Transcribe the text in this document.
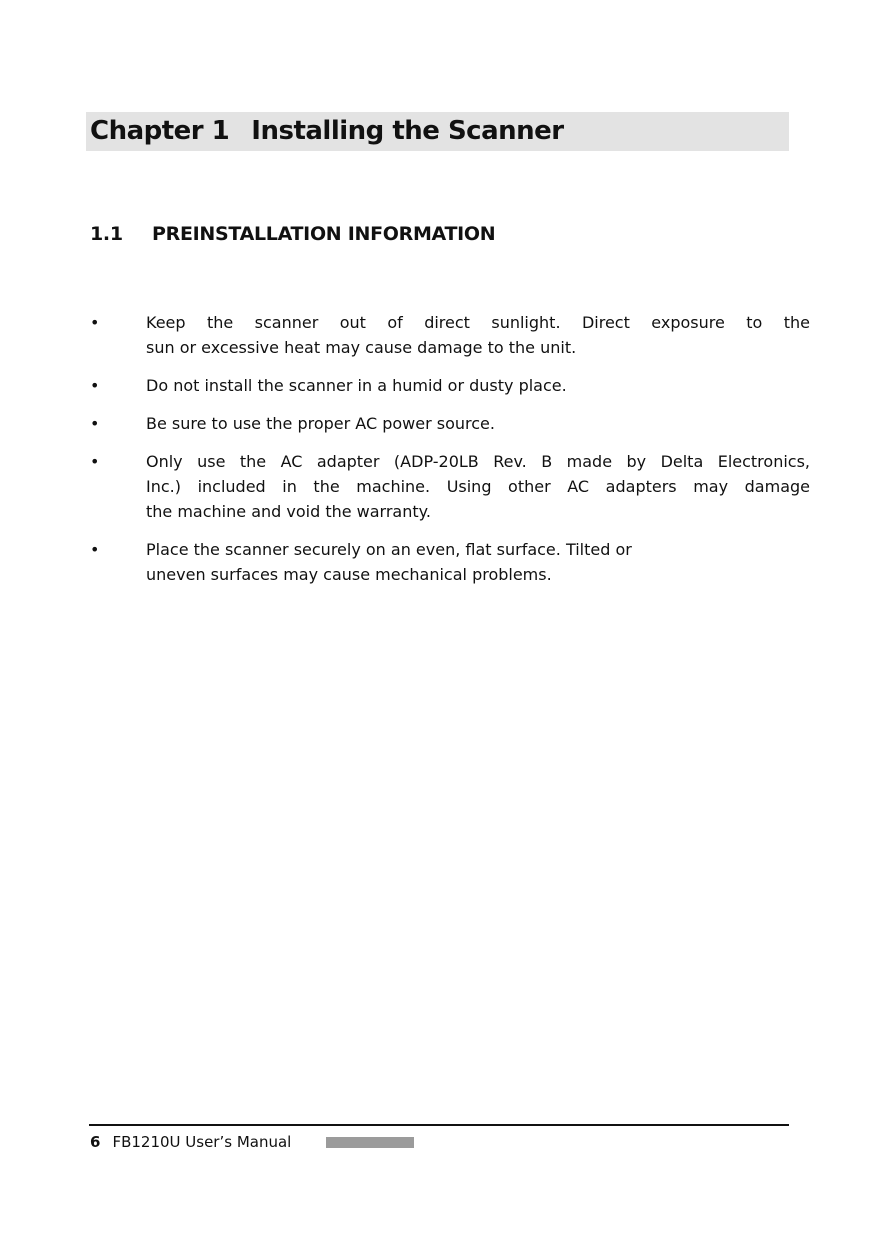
Chapter 1 Installing the Scanner
1.1 PREINSTALLATION INFORMATION
•	Keep the scanner out of direct sunlight. Direct exposure to the
sun or excessive heat may cause damage to the unit.
•	Do not install the scanner in a humid or dusty place.
•	Be sure to use the proper AC power source.
•	Only use the AC adapter (ADP-20LB Rev. B made by Delta Electronics,
Inc.) included in the machine. Using other AC adapters may damage
the machine and void the warranty.
•	Place the scanner securely on an even, flat surface. Tilted or
uneven surfaces may cause mechanical problems.
6 FB1210U User’s Manual
